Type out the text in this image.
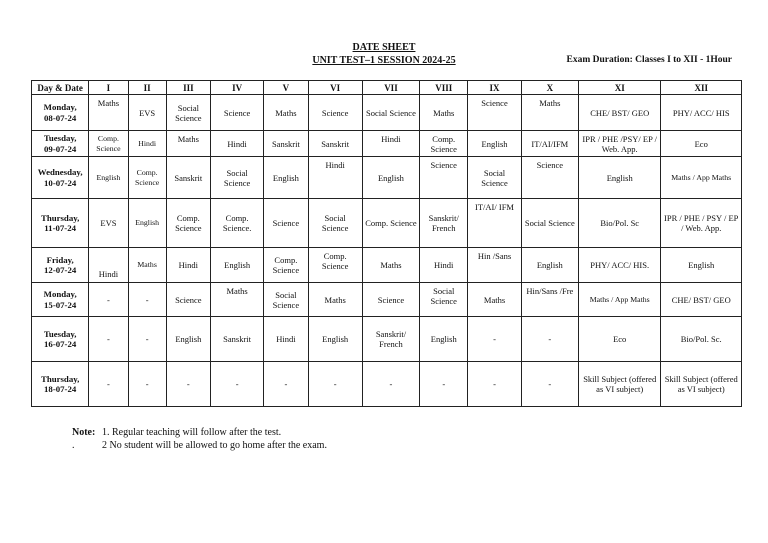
DATE SHEET
UNIT TEST–1 SESSION 2024-25	Exam Duration: Classes I to XII - 1Hour
Day & Date	I	II	III	IV	V	VI	VII	VIII	IX	X	XI	XII
Monday,
08-07-24	Maths	EVS	Social Science	Science	Maths	Science	Social Science	Maths	Science	Maths	CHE/ BST/ GEO	PHY/ ACC/ HIS
Tuesday,
09-07-24	Comp. Science	Hindi	Maths	Hindi	Sanskrit	Sanskrit	Hindi	Comp. Science	English	IT/AI/IFM	IPR / PHE /PSY/ EP / Web. App.	Eco
Wednesday,
10-07-24	English	Comp. Science	Sanskrit	Social Science	English	Hindi	English	Science	Social Science	Science	English	Maths / App Maths
Thursday,
11-07-24	EVS	English	Comp. Science	Comp. Science.	Science	Social Science	Comp. Science	Sanskrit/ French	IT/AI/ IFM	Social Science	Bio/Pol. Sc	IPR / PHE / PSY / EP / Web. App.
Friday,
12-07-24	Hindi	Maths	Hindi	English	Comp. Science	Comp. Science	Maths	Hindi	Hin /Sans	English	PHY/ ACC/ HIS.	English
Monday,
15-07-24	-	-	Science	Maths	Social Science	Maths	Science	Social Science	Maths	Hin/Sans /Fre	Maths / App Maths	CHE/ BST/ GEO
Tuesday,
16-07-24	-	-	English	Sanskrit	Hindi	English	Sanskrit/ French	English	-	-	Eco	Bio/Pol. Sc.
Thursday,
18-07-24	-	-	-	-	-	-	-	-	-	-	Skill Subject (offered as VI subject)	Skill Subject (offered as VI subject)
Note: 1. Regular teaching will follow after the test.
.	2 No student will be allowed to go home after the exam.
